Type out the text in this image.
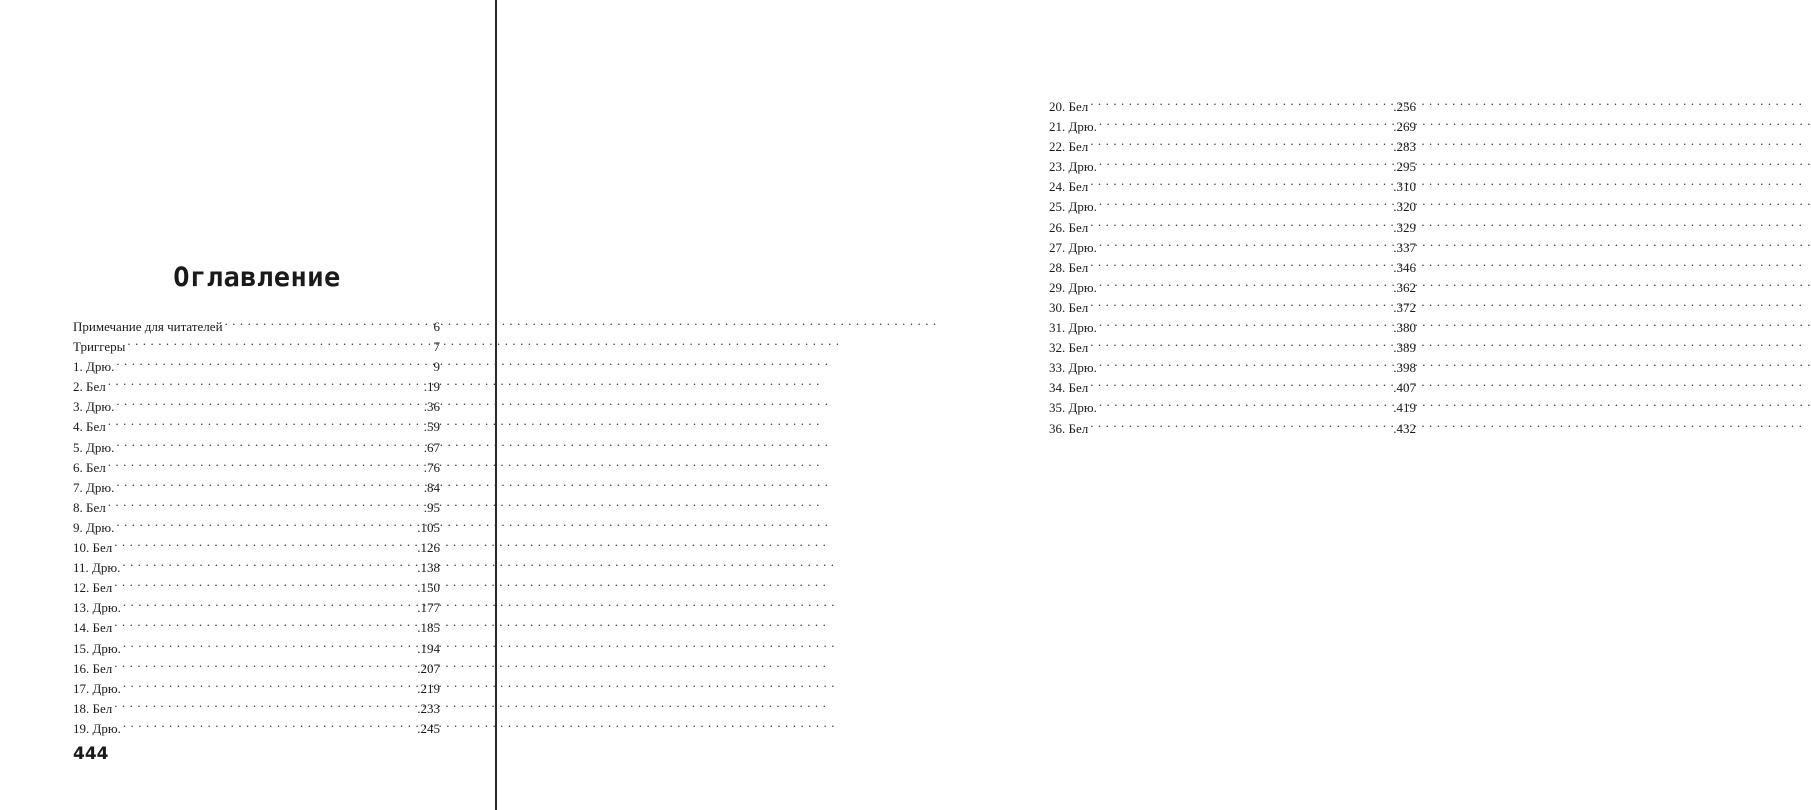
Оглавление
Примечание для читателей . . .	6
Триггеры . . .	7
1. Дрю. . . .	9
2. Бел . . .	.19
3. Дрю. . . .	.36
4. Бел . . .	.59
5. Дрю. . . .	.67
6. Бел . . .	.76
7. Дрю. . . .	.84
8. Бел . . .	.95
9. Дрю. . . .	.105
10. Бел . . .	.126
11. Дрю. . . .	.138
12. Бел . . .	.150
13. Дрю. . . .	.177
14. Бел . . .	.185
15. Дрю. . . .	.194
16. Бел . . .	.207
17. Дрю. . . .	.219
18. Бел . . .	.233
19. Дрю. . . .	.245
444
20. Бел . . .	.256
21. Дрю. . . .	.269
22. Бел . . .	.283
23. Дрю. . . .	.295
24. Бел . . .	.310
25. Дрю. . . .	.320
26. Бел . . .	.329
27. Дрю. . . .	.337
28. Бел . . .	.346
29. Дрю. . . .	.362
30. Бел . . .	.372
31. Дрю. . . .	.380
32. Бел . . .	.389
33. Дрю. . . .	.398
34. Бел . . .	.407
35. Дрю. . . .	.419
36. Бел . . .	.432
